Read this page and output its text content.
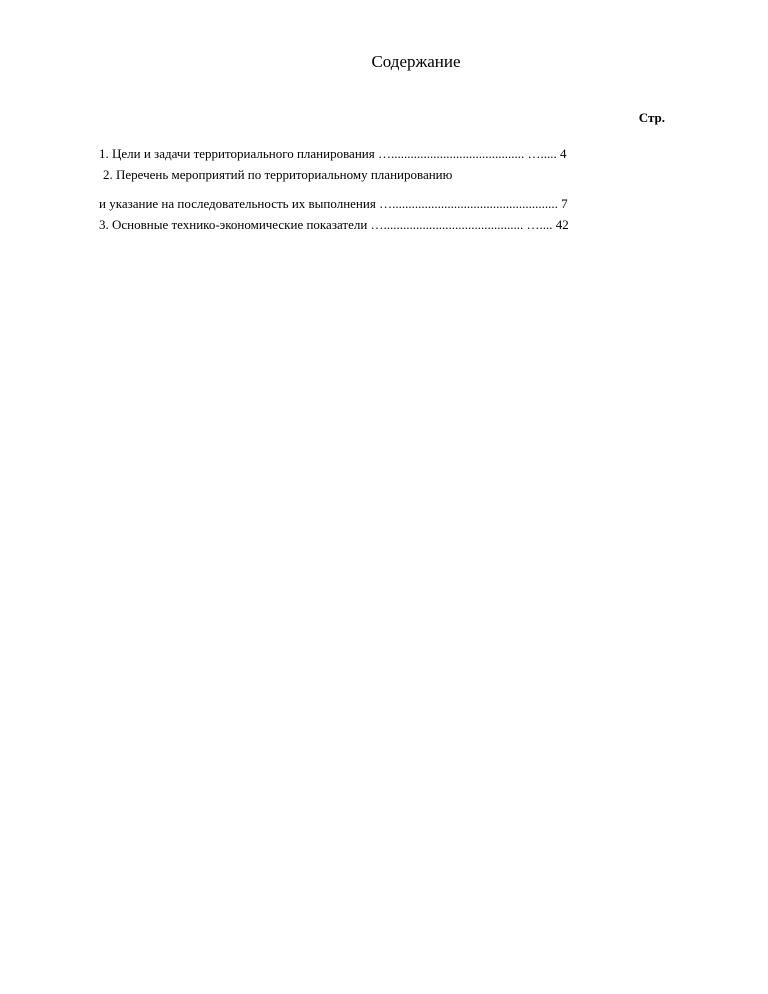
Содержание
Стр.
1. Цели и задачи территориального планирования …......................................... …..... 4
2. Перечень мероприятий по территориальному планированию
и указание на последовательность их выполнения …................................................... 7
3. Основные технико-экономические показатели …........................................... ….... 42
